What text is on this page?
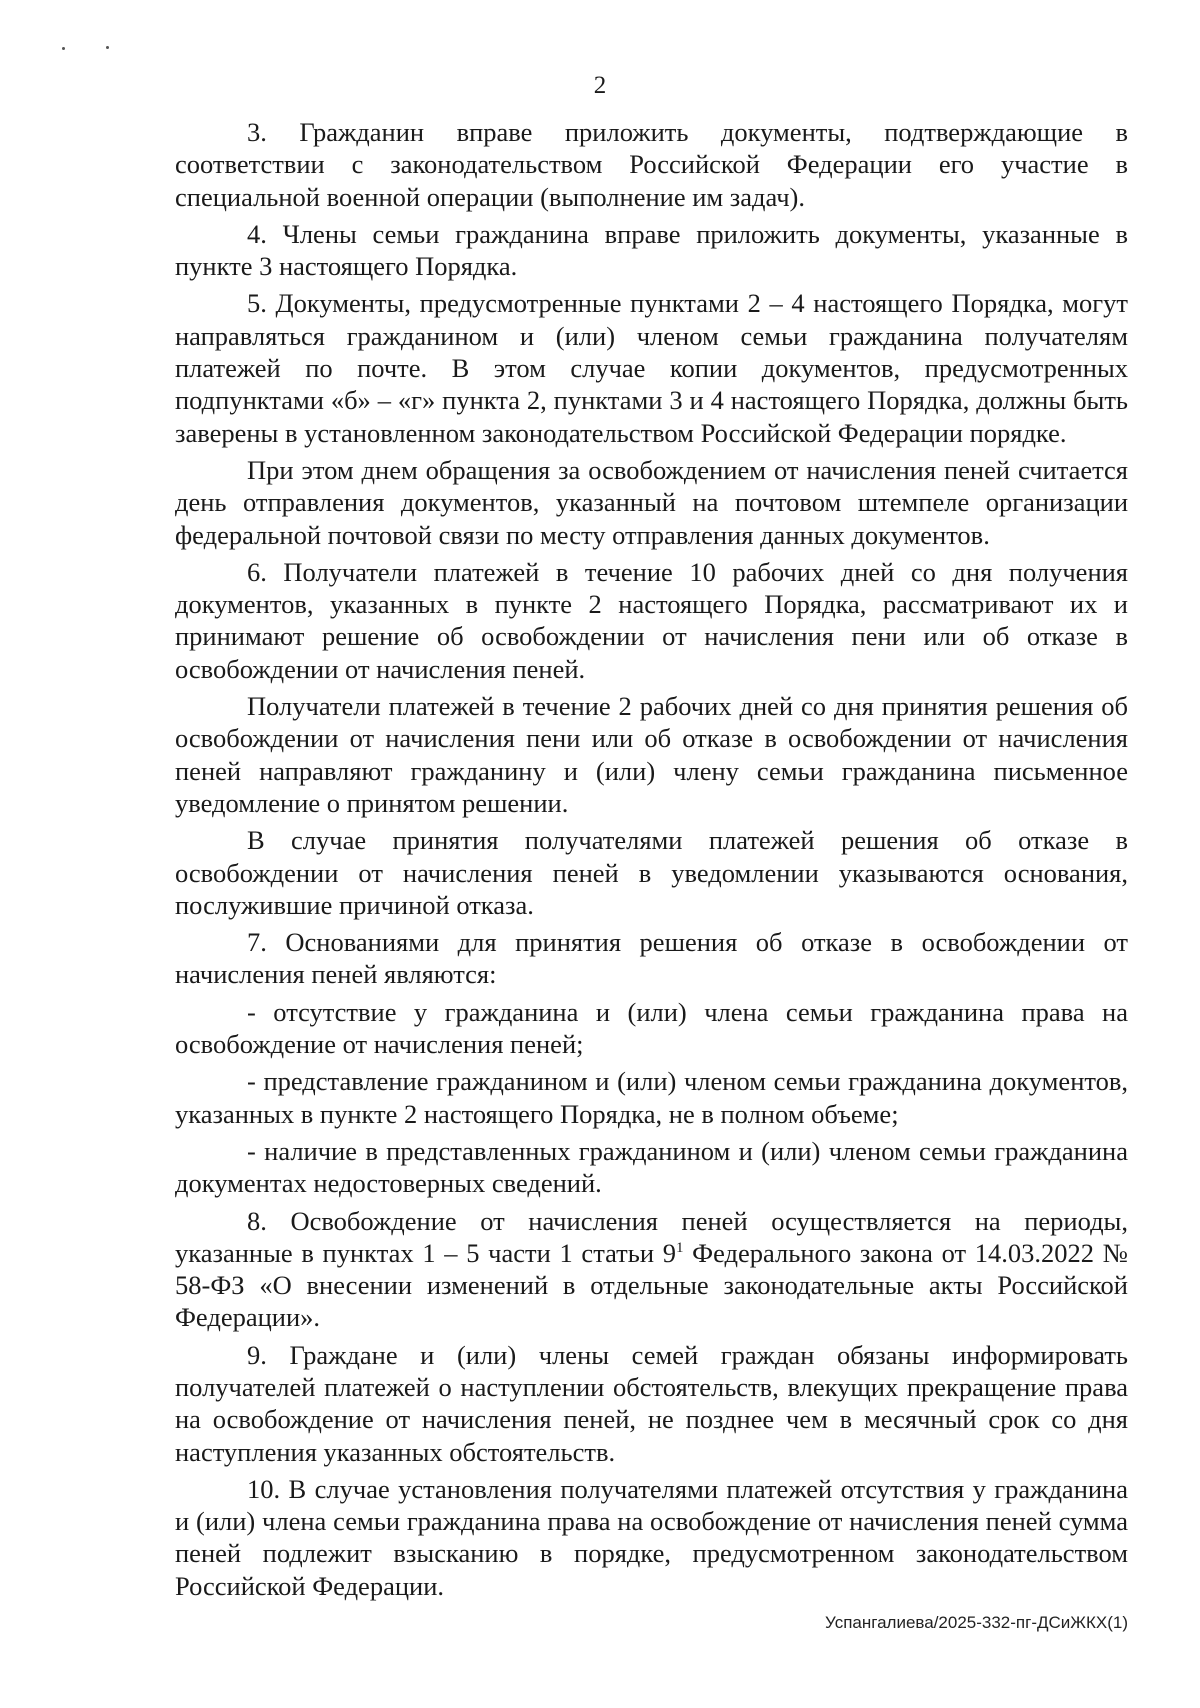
2

3. Гражданин вправе приложить документы, подтверждающие в соответствии с законодательством Российской Федерации его участие в специальной военной операции (выполнение им задач).

4. Члены семьи гражданина вправе приложить документы, указанные в пункте 3 настоящего Порядка.

5. Документы, предусмотренные пунктами 2 – 4 настоящего Порядка, могут направляться гражданином и (или) членом семьи гражданина получателям платежей по почте. В этом случае копии документов, предусмотренных подпунктами «б» – «г» пункта 2, пунктами 3 и 4 настоящего Порядка, должны быть заверены в установленном законодательством Российской Федерации порядке.

При этом днем обращения за освобождением от начисления пеней считается день отправления документов, указанный на почтовом штемпеле организации федеральной почтовой связи по месту отправления данных документов.

6. Получатели платежей в течение 10 рабочих дней со дня получения документов, указанных в пункте 2 настоящего Порядка, рассматривают их и принимают решение об освобождении от начисления пени или об отказе в освобождении от начисления пеней.

Получатели платежей в течение 2 рабочих дней со дня принятия решения об освобождении от начисления пени или об отказе в освобождении от начисления пеней направляют гражданину и (или) члену семьи гражданина письменное уведомление о принятом решении.

В случае принятия получателями платежей решения об отказе в освобождении от начисления пеней в уведомлении указываются основания, послужившие причиной отказа.

7. Основаниями для принятия решения об отказе в освобождении от начисления пеней являются:

- отсутствие у гражданина и (или) члена семьи гражданина права на освобождение от начисления пеней;

- представление гражданином и (или) членом семьи гражданина документов, указанных в пункте 2 настоящего Порядка, не в полном объеме;

- наличие в представленных гражданином и (или) членом семьи гражданина документах недостоверных сведений.

8. Освобождение от начисления пеней осуществляется на периоды, указанные в пунктах 1 – 5 части 1 статьи $9^1$ Федерального закона от 14.03.2022 № 58-ФЗ «О внесении изменений в отдельные законодательные акты Российской Федерации».

9. Граждане и (или) члены семей граждан обязаны информировать получателей платежей о наступлении обстоятельств, влекущих прекращение права на освобождение от начисления пеней, не позднее чем в месячный срок со дня наступления указанных обстоятельств.

10. В случае установления получателями платежей отсутствия у гражданина и (или) члена семьи гражданина права на освобождение от начисления пеней сумма пеней подлежит взысканию в порядке, предусмотренном законодательством Российской Федерации.

Успангалиева/2025-332-пг-ДСиЖКХ(1)
